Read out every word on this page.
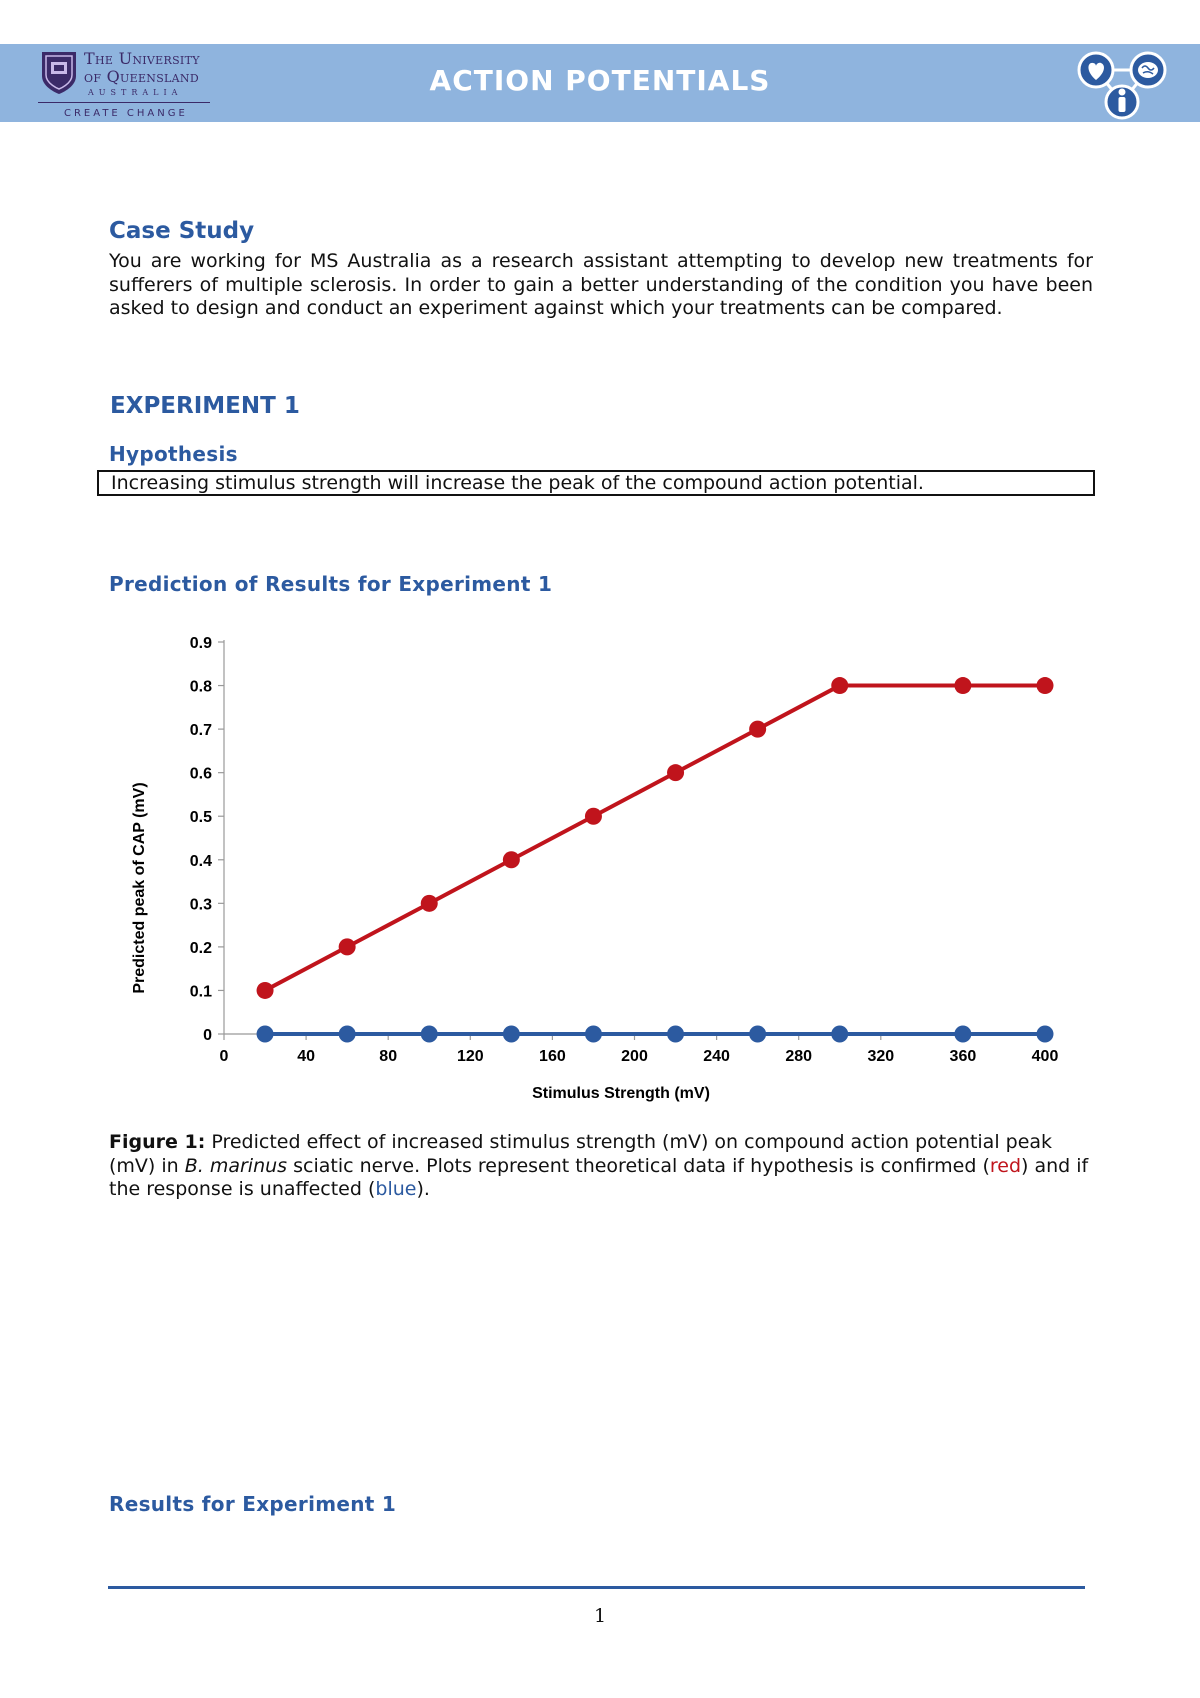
The University
of Queensland
AUSTRALIA
CREATE CHANGE
ACTION POTENTIALS
Case Study
You are working for MS Australia as a research assistant attempting to develop new treatments for sufferers of multiple sclerosis. In order to gain a better understanding of the condition you have been asked to design and conduct an experiment against which your treatments can be compared.
EXPERIMENT 1
Hypothesis
Increasing stimulus strength will increase the peak of the compound action potential.
Prediction of Results for Experiment 1
0
0.1
0.2
0.3
0.4
0.5
0.6
0.7
0.8
0.9
0	40	80	120	160	200	240	280	320	360	400
Stimulus Strength (mV)
Predicted peak of CAP (mV)
Figure 1: Predicted effect of increased stimulus strength (mV) on compound action potential peak (mV) in B. marinus sciatic nerve. Plots represent theoretical data if hypothesis is confirmed (red) and if the response is unaffected (blue).
Results for Experiment 1
1
